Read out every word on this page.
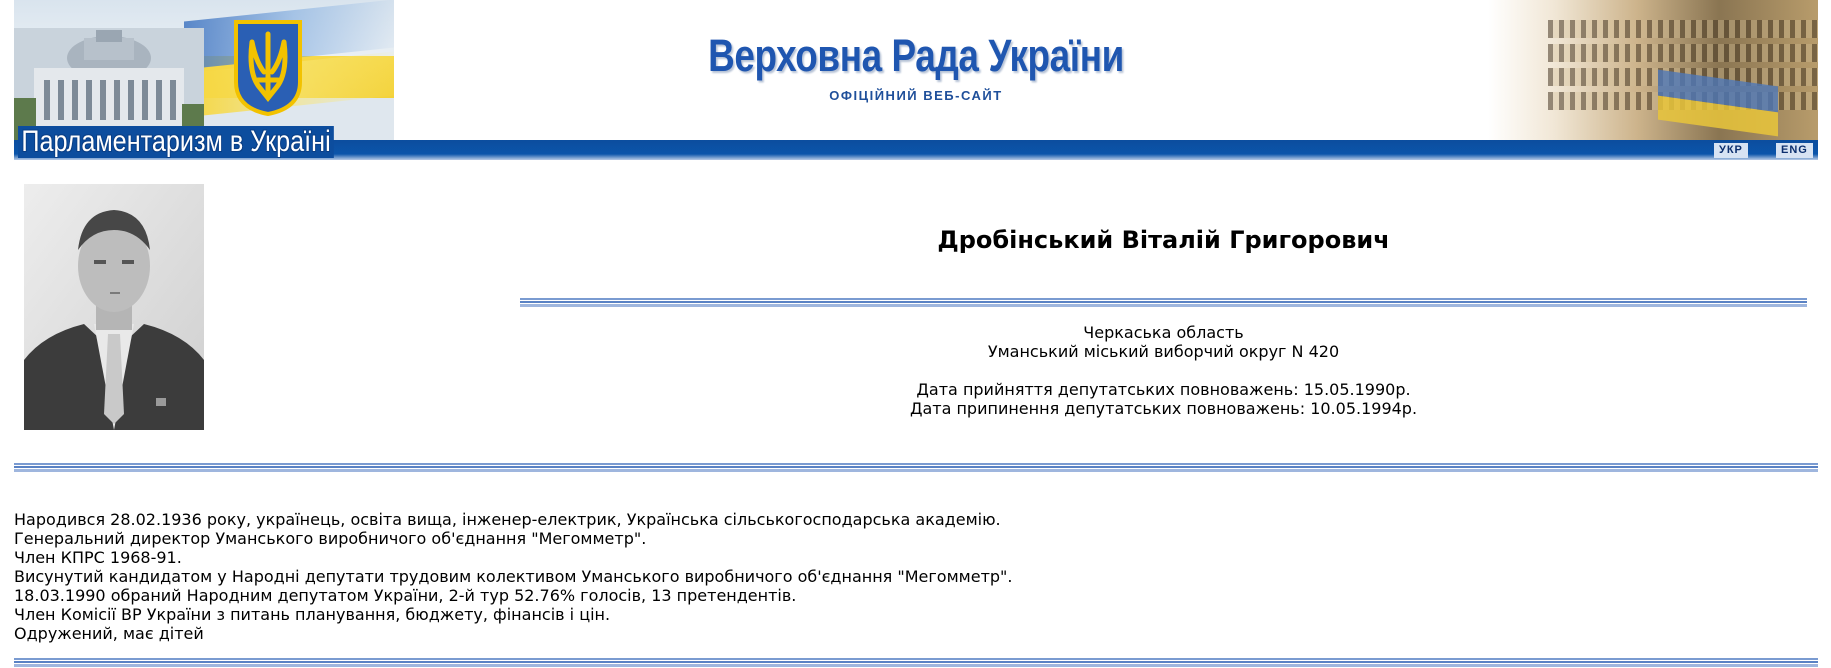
Верховна Рада України
ОФІЦІЙНИЙ ВЕБ-САЙТ
Парламентаризм в Україні	УКР	ENG
Дробінський Віталій Григорович
Черкаська область
Уманський міський виборчий округ N 420
Дата прийняття депутатських повноважень: 15.05.1990р.
Дата припинення депутатських повноважень: 10.05.1994р.
Народився 28.02.1936 року, українець, освіта вища, інженер-електрик, Українська сільськогосподарська академію.
Генеральний директор Уманського виробничого об'єднання "Мегомметр".
Член КПРС 1968-91.
Висунутий кандидатом у Народні депутати трудовим колективом Уманського виробничого об'єднання "Мегомметр".
18.03.1990 обраний Народним депутатом України, 2-й тур 52.76% голосів, 13 претендентів.
Член Комісії ВР України з питань планування, бюджету, фінансів і цін.
Одружений, має дітей
